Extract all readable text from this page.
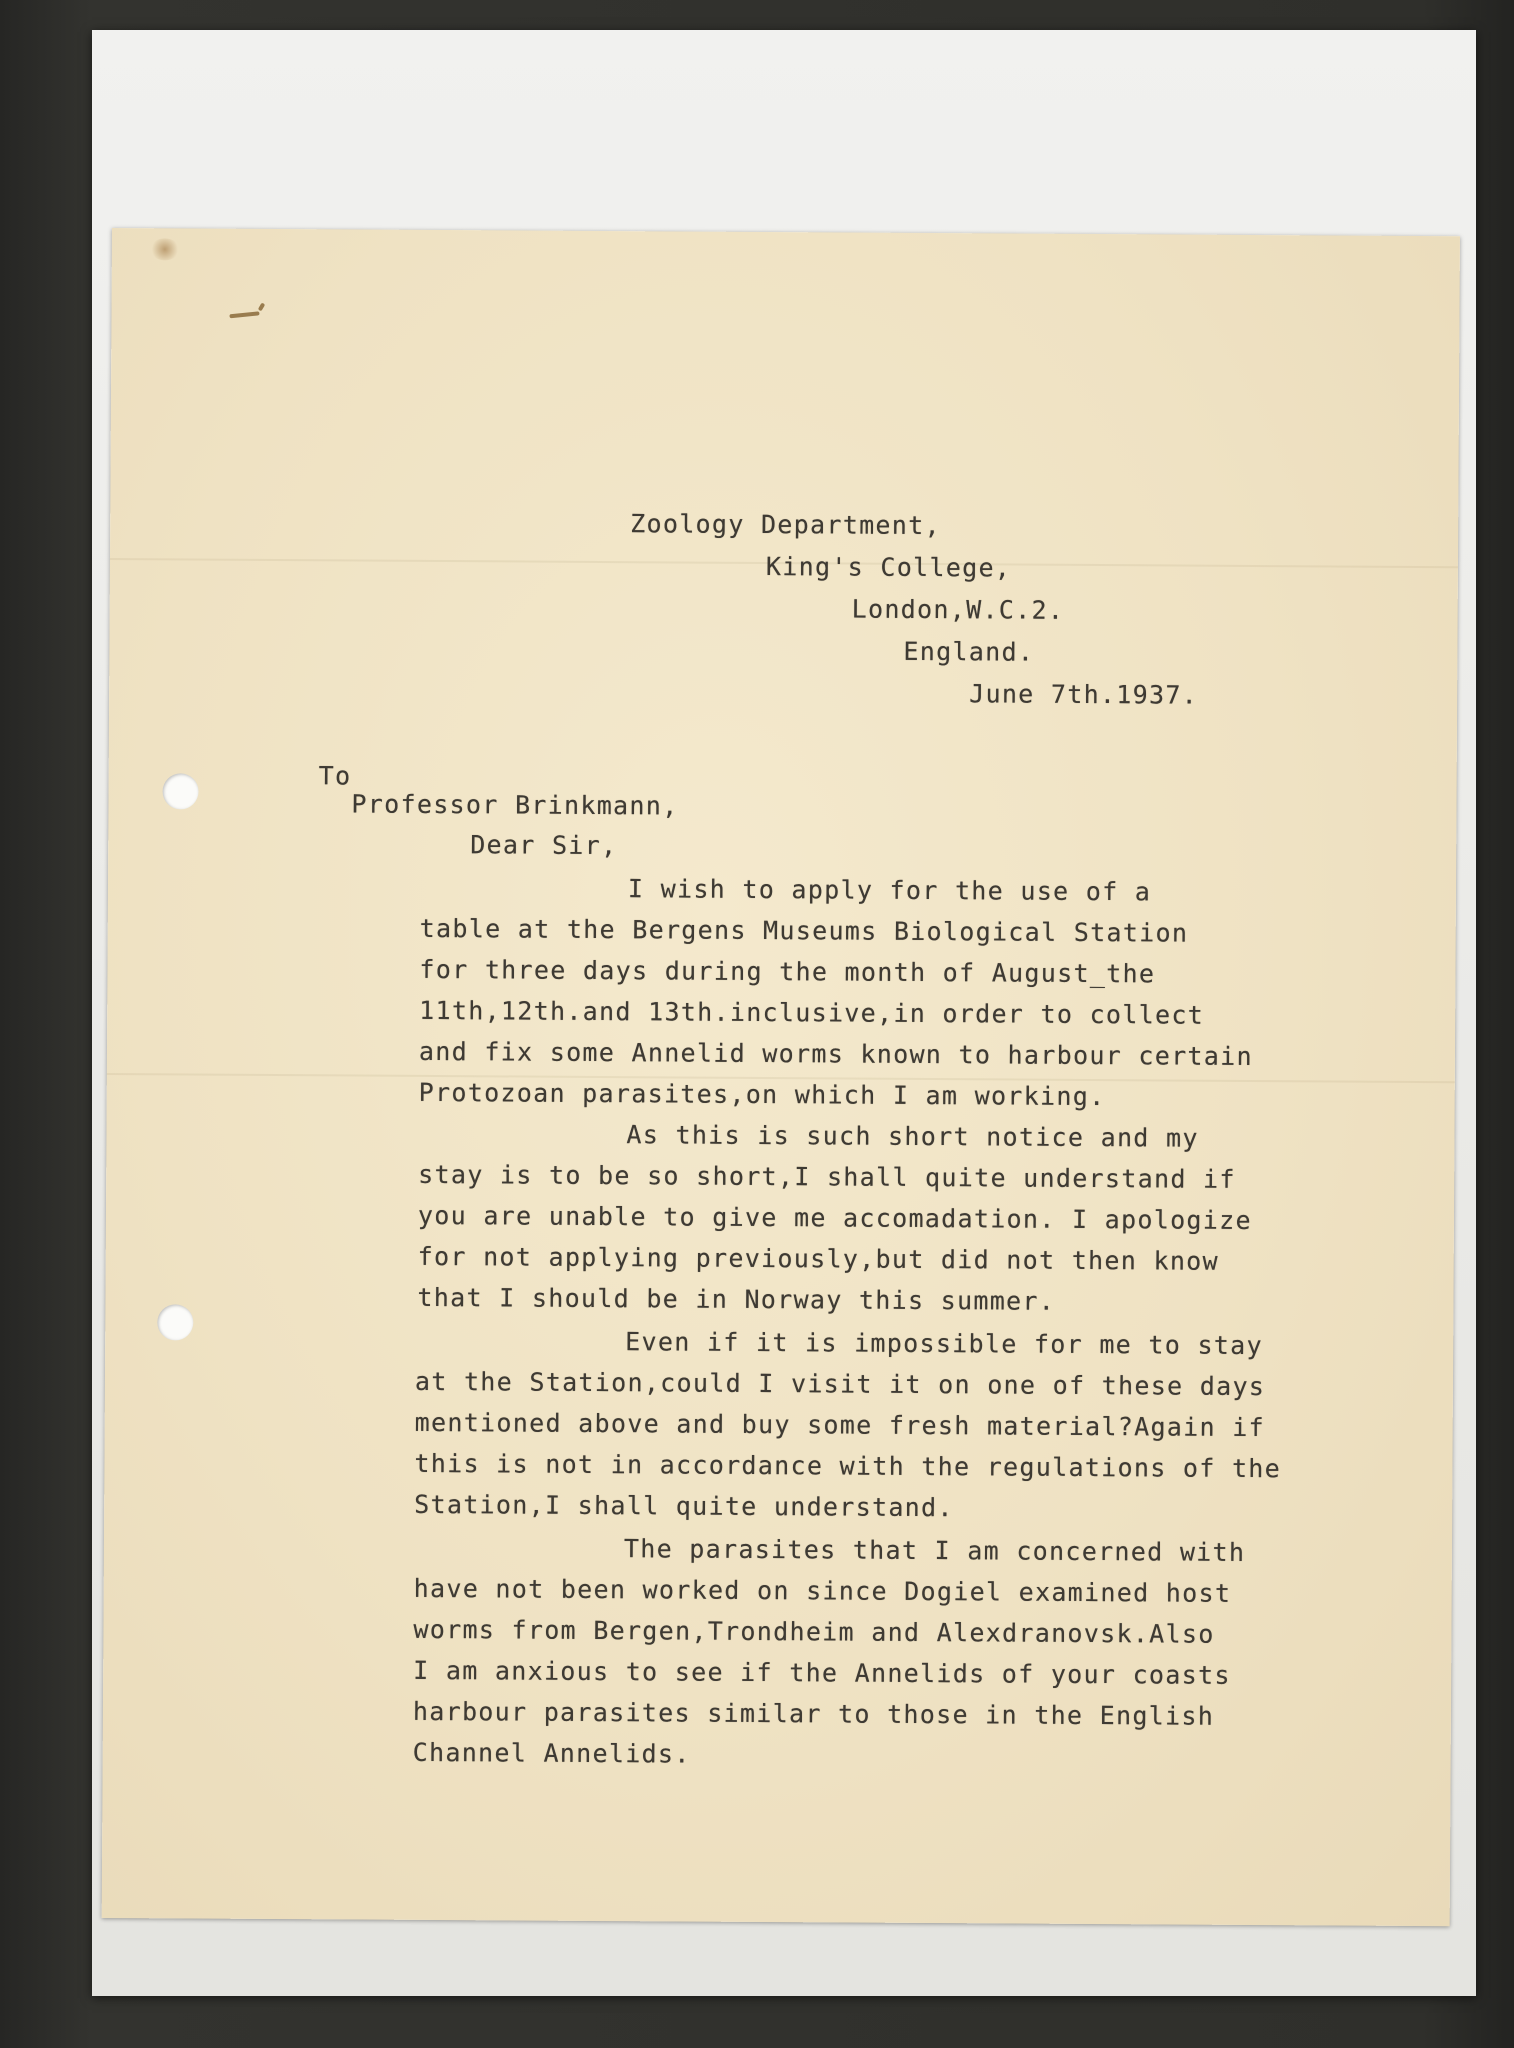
Zoology Department,
King's College,
London,W.C.2.
England.
June 7th.1937.
To
Professor Brinkmann,
Dear Sir,
I wish to apply for the use of a
table at the Bergens Museums Biological Station
for three days during the month of August_the
11th,12th.and 13th.inclusive,in order to collect
and fix some Annelid worms known to harbour certain
Protozoan parasites,on which I am working.
As this is such short notice and my
stay is to be so short,I shall quite understand if
you are unable to give me accomadation. I apologize
for not applying previously,but did not then know
that I should be in Norway this summer.
Even if it is impossible for me to stay
at the Station,could I visit it on one of these days
mentioned above and buy some fresh material?Again if
this is not in accordance with the regulations of the
Station,I shall quite understand.
The parasites that I am concerned with
have not been worked on since Dogiel examined host
worms from Bergen,Trondheim and Alexdranovsk.Also
I am anxious to see if the Annelids of your coasts
harbour parasites similar to those in the English
Channel Annelids.
